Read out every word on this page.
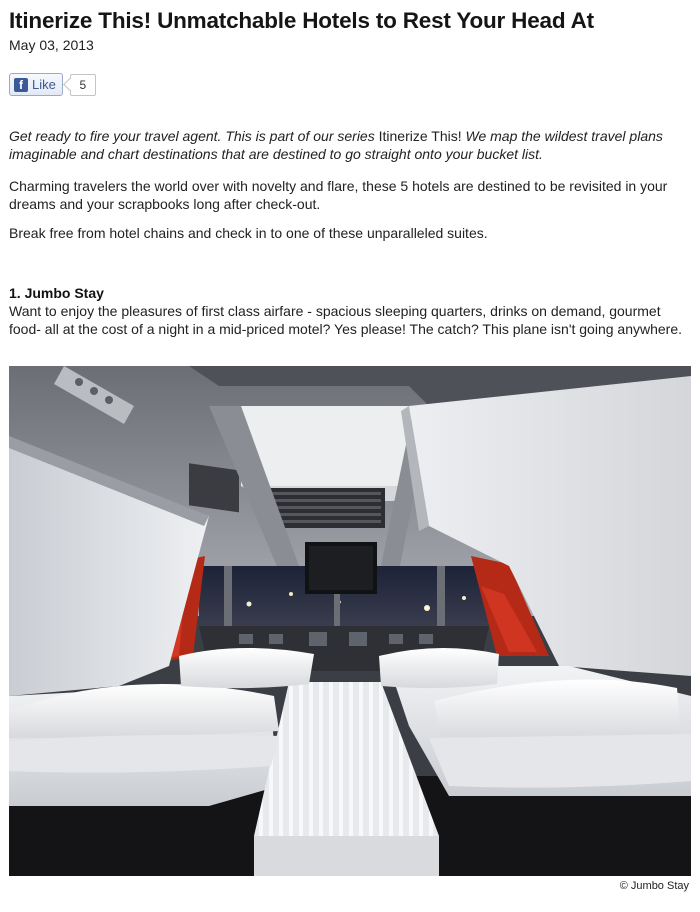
Itinerize This! Unmatchable Hotels to Rest Your Head At
May 03, 2013
f Like	5

Get ready to fire your travel agent. This is part of our series Itinerize This! We map the wildest travel plans imaginable and chart destinations that are destined to go straight onto your bucket list.

Charming travelers the world over with novelty and flare, these 5 hotels are destined to be revisited in your dreams and your scrapbooks long after check-out.

Break free from hotel chains and check in to one of these unparalleled suites.

1. Jumbo Stay

Want to enjoy the pleasures of first class airfare - spacious sleeping quarters, drinks on demand, gourmet food- all at the cost of a night in a mid-priced motel? Yes please! The catch? This plane isn't going anywhere.

© Jumbo Stay
